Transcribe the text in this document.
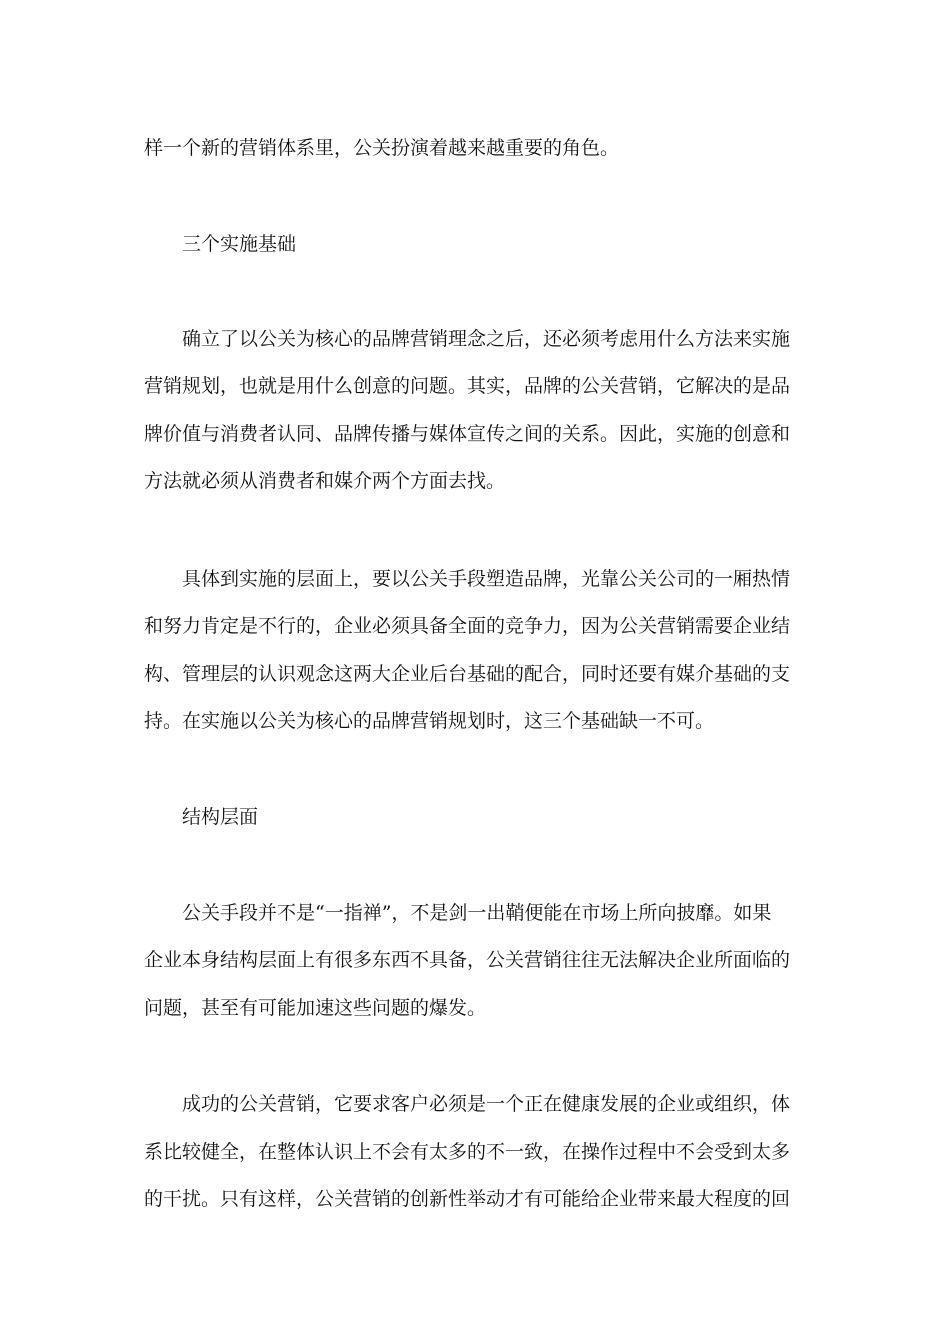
样一个新的营销体系里，公关扮演着越来越重要的角色。
三个实施基础
确立了以公关为核心的品牌营销理念之后，还必须考虑用什么方法来实施
营销规划，也就是用什么创意的问题。其实，品牌的公关营销，它解决的是品
牌价值与消费者认同、品牌传播与媒体宣传之间的关系。因此，实施的创意和
方法就必须从消费者和媒介两个方面去找。
具体到实施的层面上，要以公关手段塑造品牌，光靠公关公司的一厢热情
和努力肯定是不行的，企业必须具备全面的竞争力，因为公关营销需要企业结
构、管理层的认识观念这两大企业后台基础的配合，同时还要有媒介基础的支
持。在实施以公关为核心的品牌营销规划时，这三个基础缺一不可。
结构层面
公关手段并不是“一指禅”，不是剑一出鞘便能在市场上所向披靡。如果
企业本身结构层面上有很多东西不具备，公关营销往往无法解决企业所面临的
问题，甚至有可能加速这些问题的爆发。
成功的公关营销，它要求客户必须是一个正在健康发展的企业或组织，体
系比较健全，在整体认识上不会有太多的不一致，在操作过程中不会受到太多
的干扰。只有这样，公关营销的创新性举动才有可能给企业带来最大程度的回
